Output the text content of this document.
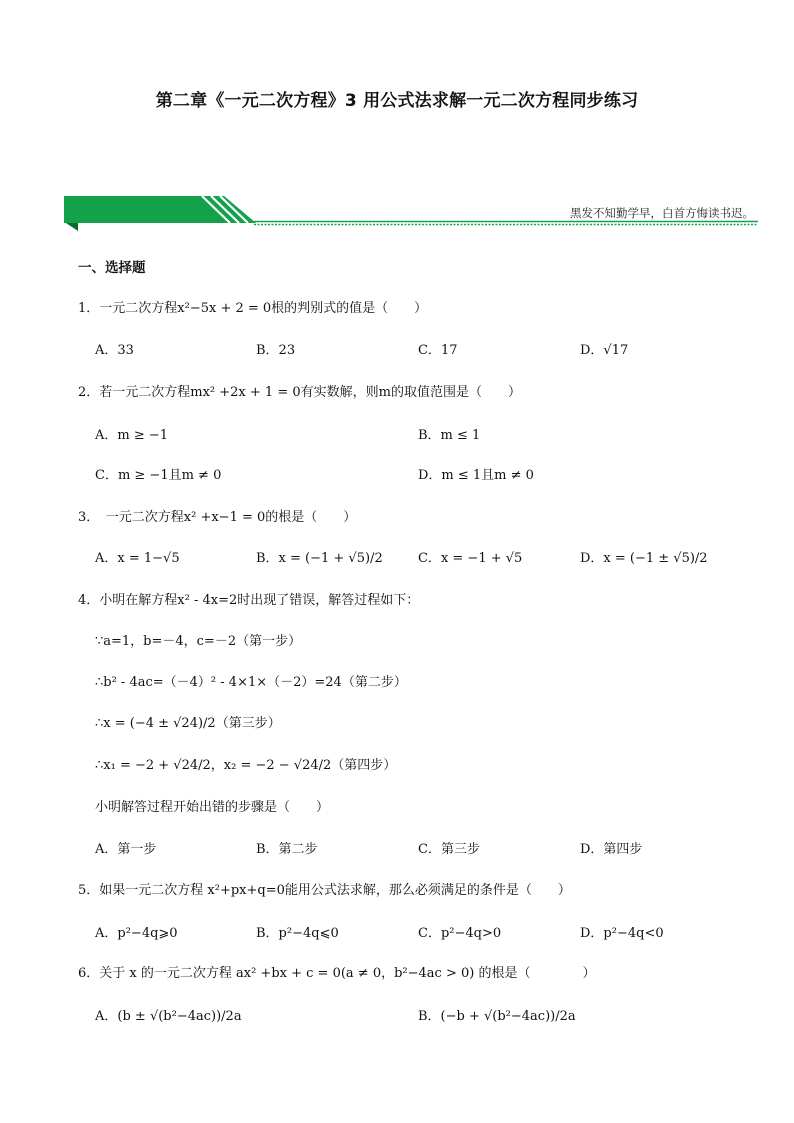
第二章《一元二次方程》3 用公式法求解一元二次方程同步练习
黑发不知勤学早，白首方悔读书迟。
一、选择题
1．一元二次方程x²−5x + 2 = 0根的判别式的值是（　　）
A．33	B．23	C．17	D．√17
2．若一元二次方程mx² +2x + 1 = 0有实数解，则m的取值范围是（　　）
A．m ≥ −1	B．m ≤ 1
C．m ≥ −1且m ≠ 0	D．m ≤ 1且m ≠ 0
3．　一元二次方程x² +x−1 = 0的根是（　　）
A．x = 1−√5	B．x = (−1 + √5)/2	C．x = −1 + √5	D．x = (−1 ± √5)/2
4．小明在解方程x² - 4x=2时出现了错误，解答过程如下：
∵a=1，b=－4，c=－2（第一步）
∴b² - 4ac=（－4）² - 4×1×（－2）=24（第二步）
∴x = (−4 ± √24)/2（第三步）
∴x₁ = −2 + √24/2，x₂ = −2 − √24/2（第四步）
小明解答过程开始出错的步骤是（　　）
A．第一步	B．第二步	C．第三步	D．第四步
5．如果一元二次方程 x²+px+q=0能用公式法求解，那么必须满足的条件是（　　）
A．p²−4q⩾0	B．p²−4q⩽0	C．p²−4q>0	D．p²−4q<0
6．关于 x 的一元二次方程 ax² +bx + c = 0(a ≠ 0，b²−4ac > 0) 的根是（　　　　）
A．(b ± √(b²−4ac))/2a	B．(−b + √(b²−4ac))/2a
